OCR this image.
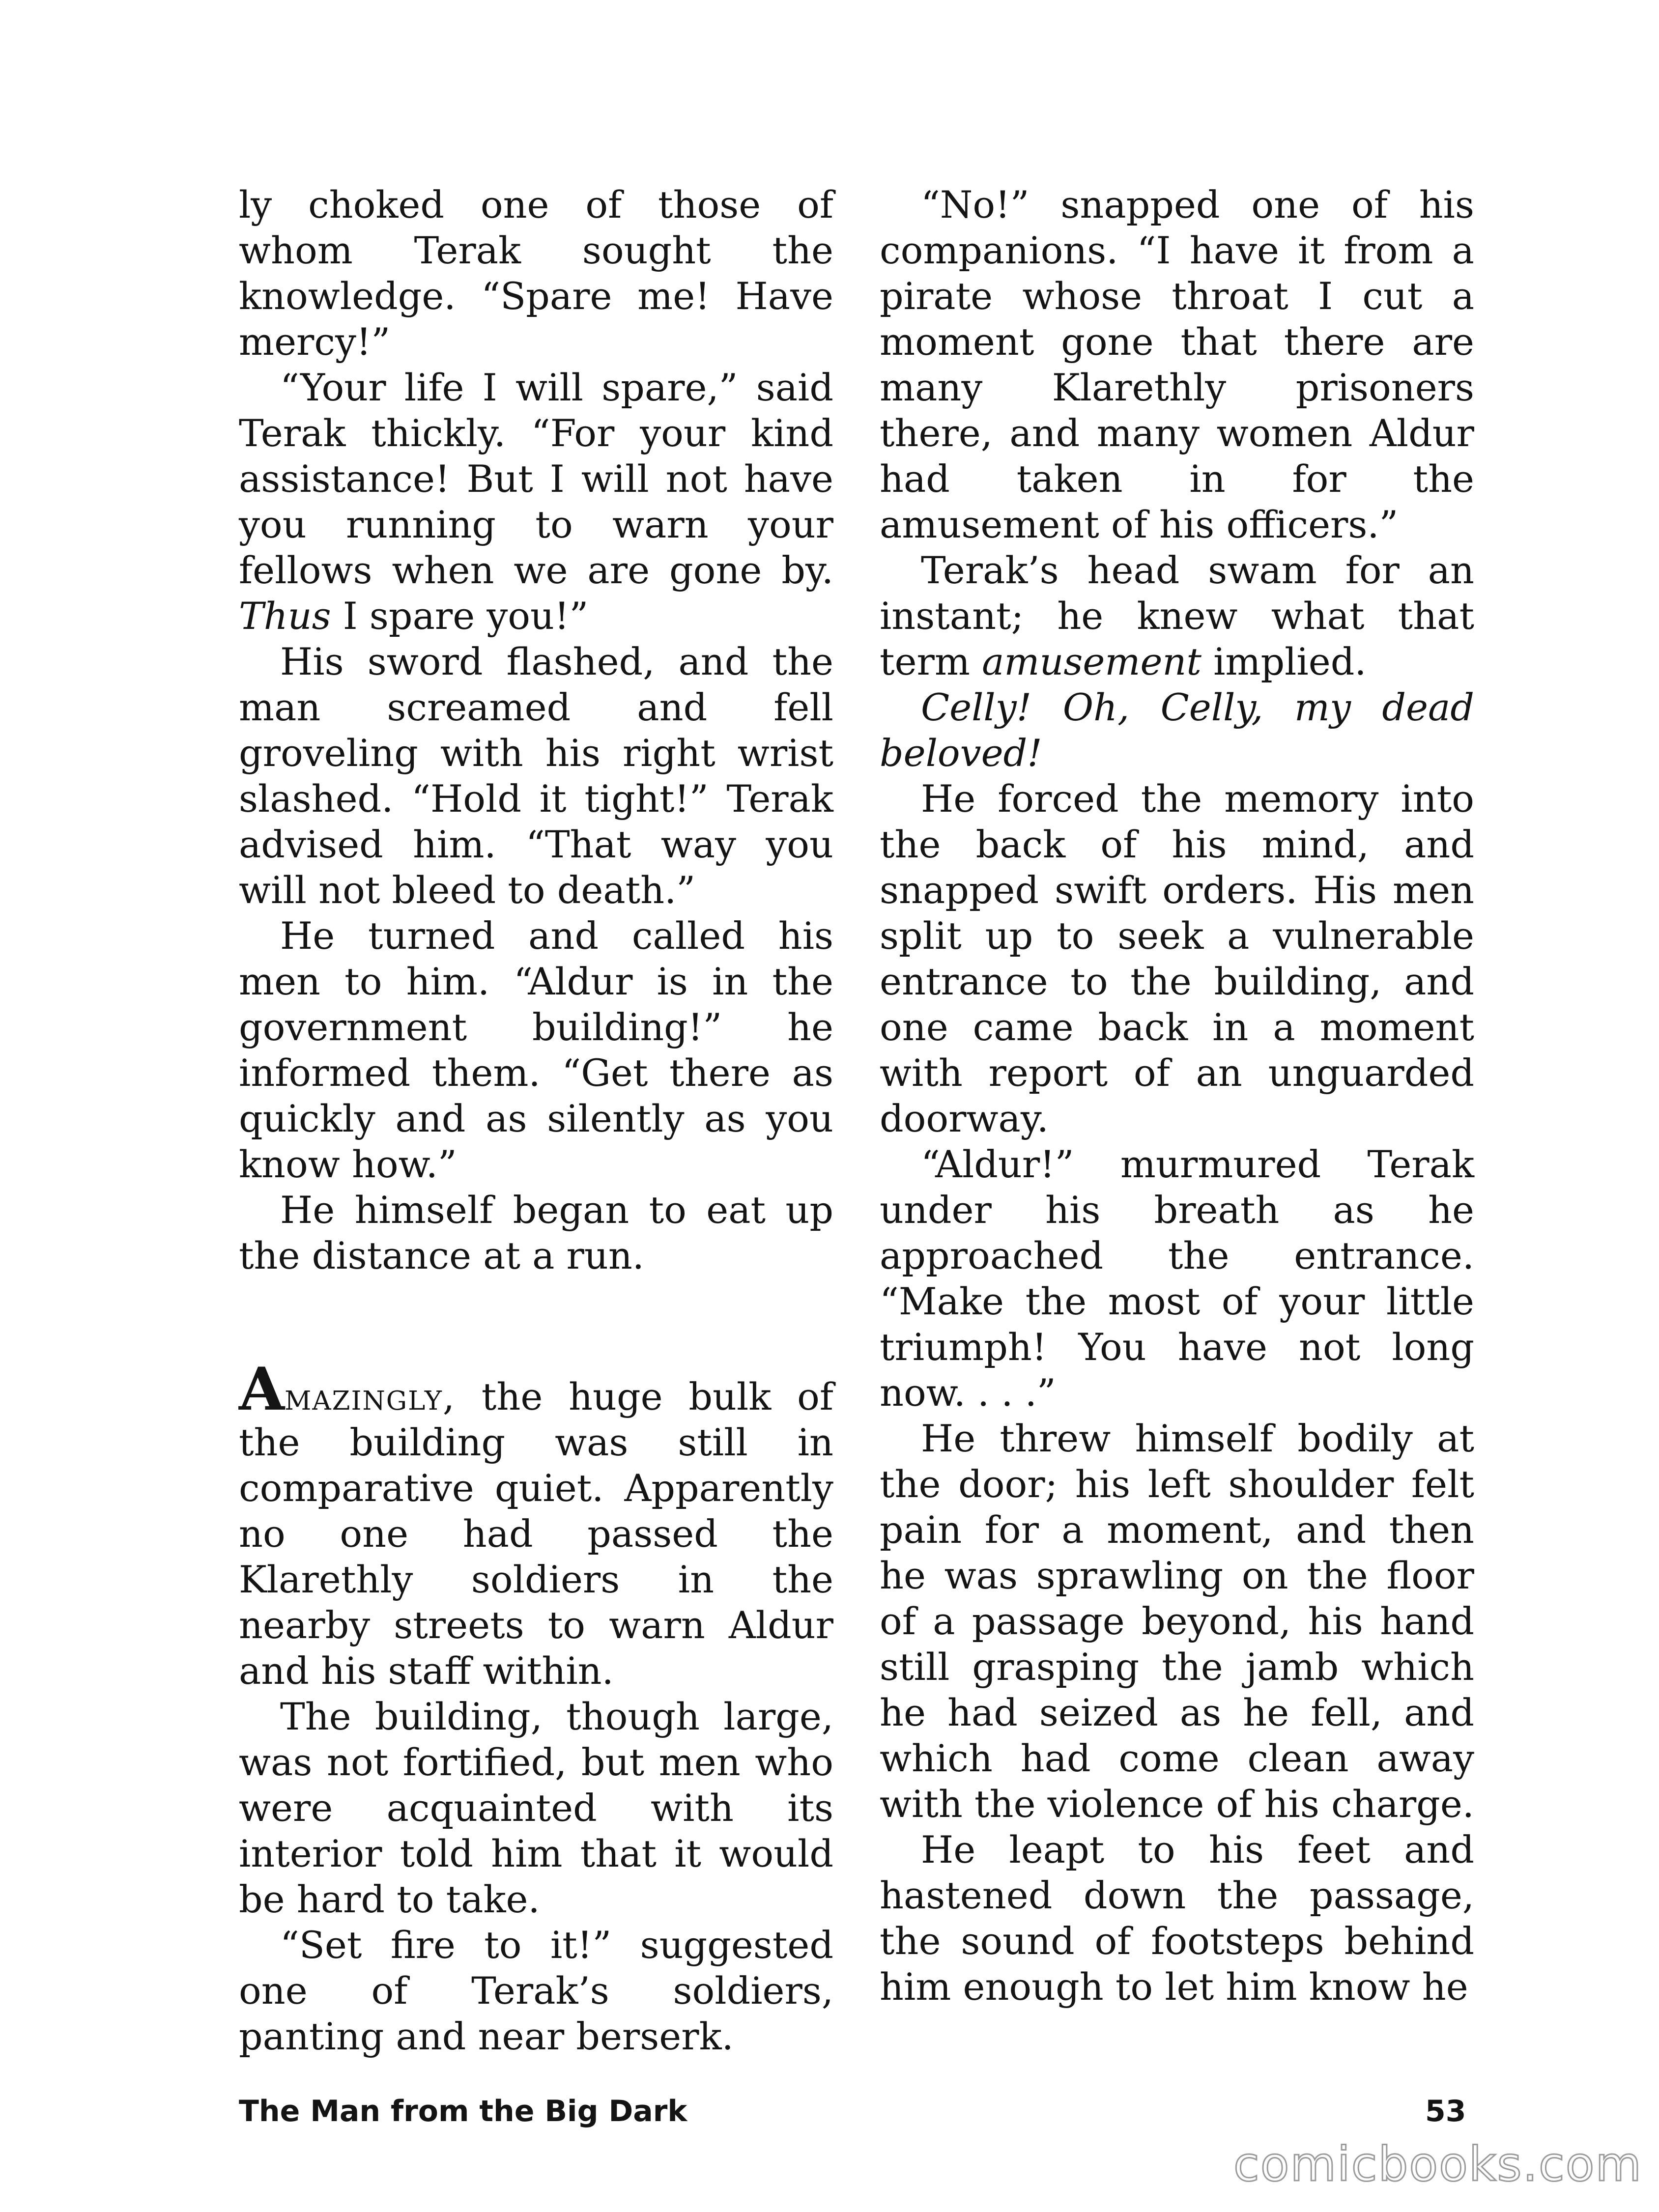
ly choked one of those of whom Terak sought the knowledge. “Spare me! Have mercy!”

“Your life I will spare,” said Terak thickly. “For your kind assistance! But I will not have you running to warn your fellows when we are gone by. Thus I spare you!”

His sword flashed, and the man screamed and fell groveling with his right wrist slashed. “Hold it tight!” Terak advised him. “That way you will not bleed to death.”

He turned and called his men to him. “Aldur is in the government building!” he informed them. “Get there as quickly and as silently as you know how.”

He himself began to eat up the distance at a run.

Amazingly, the huge bulk of the building was still in comparative quiet. Apparently no one had passed the Klarethly soldiers in the nearby streets to warn Aldur and his staff within.

The building, though large, was not fortified, but men who were acquainted with its interior told him that it would be hard to take.

“Set fire to it!” suggested one of Terak’s soldiers, panting and near berserk.

“No!” snapped one of his companions. “I have it from a pirate whose throat I cut a moment gone that there are many Klarethly prisoners there, and many women Aldur had taken in for the amusement of his officers.”

Terak’s head swam for an instant; he knew what that term amusement implied.

Celly! Oh, Celly, my dead beloved!

He forced the memory into the back of his mind, and snapped swift orders. His men split up to seek a vulnerable entrance to the building, and one came back in a moment with report of an unguarded doorway.

“Aldur!” murmured Terak under his breath as he approached the entrance. “Make the most of your little triumph! You have not long now. . . .”

He threw himself bodily at the door; his left shoulder felt pain for a moment, and then he was sprawling on the floor of a passage beyond, his hand still grasping the jamb which he had seized as he fell, and which had come clean away with the violence of his charge.

He leapt to his feet and hastened down the passage, the sound of footsteps behind him enough to let him know he

The Man from the Big Dark	53
comicbooks.com
